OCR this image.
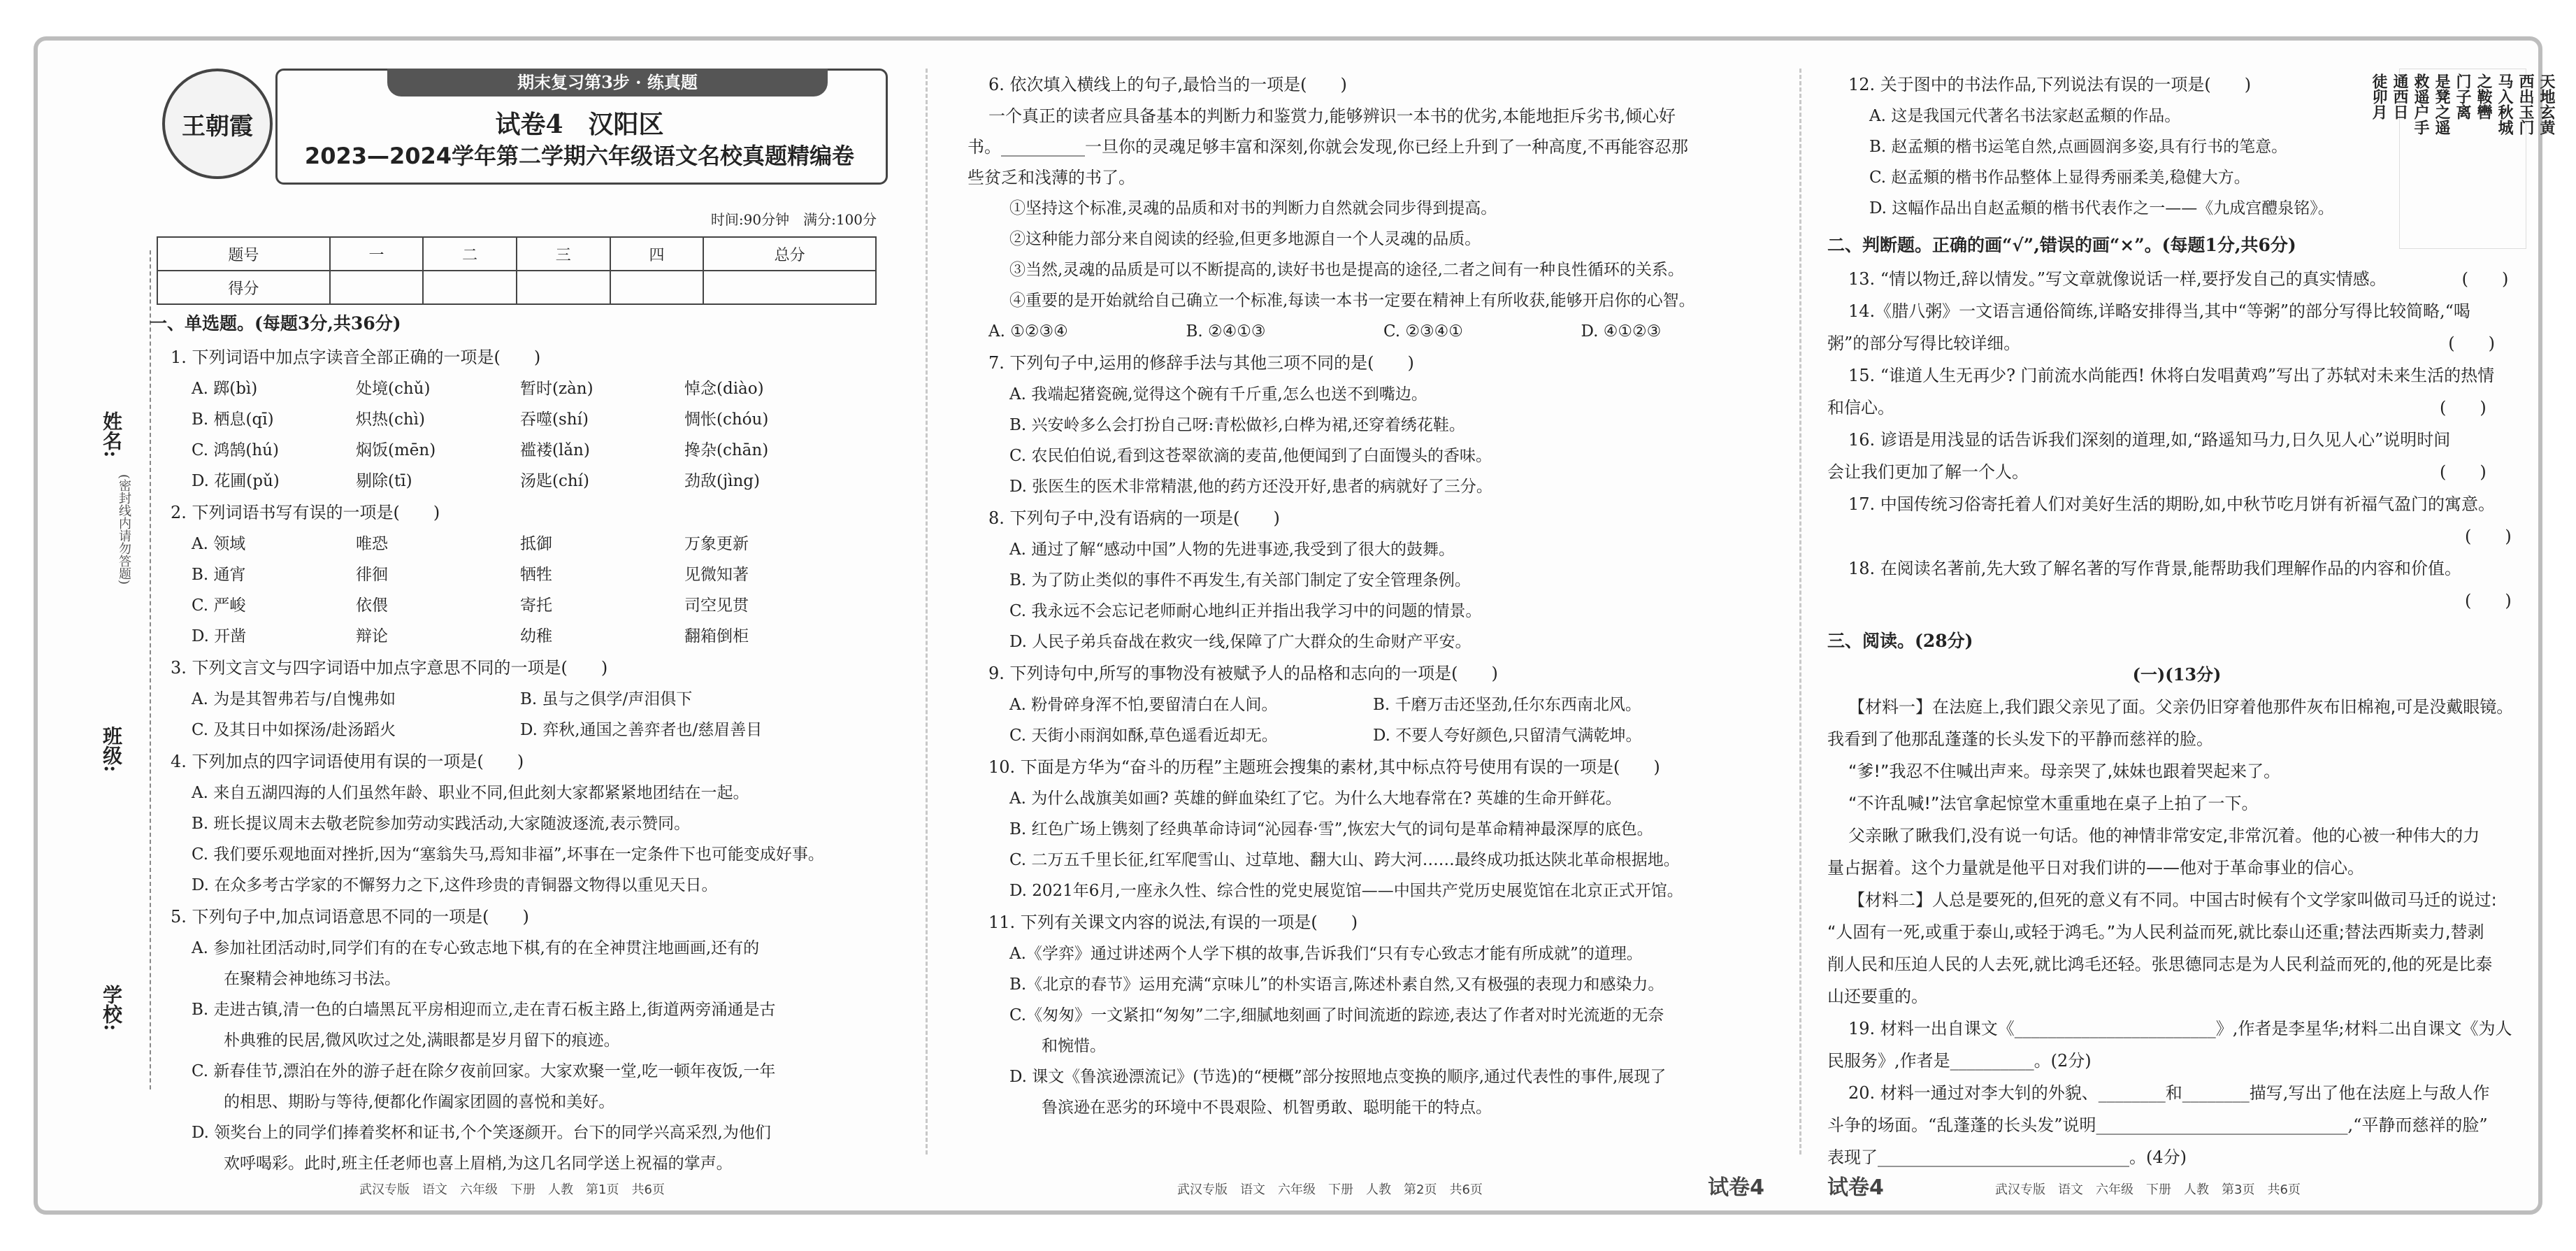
学校:
班级:
姓名:
(密封线内请勿答题)
王朝霞
期末复习第3步 · 练真题
试卷4　汉阳区
2023—2024学年第二学期六年级语文名校真题精编卷
时间:90分钟　满分:100分
题号	一	二	三	四	总分
得分					
一、单选题。(每题3分,共36分)
1. 下列词语中加点字读音全部正确的一项是(　　)
A. 踯(bì)	处境(chǔ)	暂时(zàn)	悼念(diào)
B. 栖息(qī)	炽热(chì)	吞噬(shí)	惆怅(chóu)
C. 鸿鹄(hú)	焖饭(mēn)	褴褛(lǎn)	搀杂(chān)
D. 花圃(pǔ)	剔除(tī)	汤匙(chí)	劲敌(jìng)
2. 下列词语书写有误的一项是(　　)
A. 领域	唯恐	抵御	万象更新
B. 通宵	徘徊	牺牲	见微知著
C. 严峻	依偎	寄托	司空见贯
D. 开凿	辩论	幼稚	翻箱倒柜
3. 下列文言文与四字词语中加点字意思不同的一项是(　　)
A. 为是其智弗若与/自愧弗如	B. 虽与之俱学/声泪俱下
C. 及其日中如探汤/赴汤蹈火	D. 弈秋,通国之善弈者也/慈眉善目
4. 下列加点的四字词语使用有误的一项是(　　)
A. 来自五湖四海的人们虽然年龄、职业不同,但此刻大家都紧紧地团结在一起。
B. 班长提议周末去敬老院参加劳动实践活动,大家随波逐流,表示赞同。
C. 我们要乐观地面对挫折,因为“塞翁失马,焉知非福”,坏事在一定条件下也可能变成好事。
D. 在众多考古学家的不懈努力之下,这件珍贵的青铜器文物得以重见天日。
5. 下列句子中,加点词语意思不同的一项是(　　)
A. 参加社团活动时,同学们有的在专心致志地下棋,有的在全神贯注地画画,还有的
　　在聚精会神地练习书法。
B. 走进古镇,清一色的白墙黑瓦平房相迎而立,走在青石板主路上,街道两旁涌通是古
　　朴典雅的民居,微风吹过之处,满眼都是岁月留下的痕迹。
C. 新春佳节,漂泊在外的游子赶在除夕夜前回家。大家欢聚一堂,吃一顿年夜饭,一年
　　的相思、期盼与等待,便都化作阖家团圆的喜悦和美好。
D. 领奖台上的同学们捧着奖杯和证书,个个笑逐颜开。台下的同学兴高采烈,为他们
　　欢呼喝彩。此时,班主任老师也喜上眉梢,为这几名同学送上祝福的掌声。
武汉专版　语文　六年级　下册　人教　第1页　共6页
6. 依次填入横线上的句子,最恰当的一项是(　　)
一个真正的读者应具备基本的判断力和鉴赏力,能够辨识一本书的优劣,本能地拒斥劣书,倾心好
书。__________一旦你的灵魂足够丰富和深刻,你就会发现,你已经上升到了一种高度,不再能容忍那
些贫乏和浅薄的书了。
①坚持这个标准,灵魂的品质和对书的判断力自然就会同步得到提高。
②这种能力部分来自阅读的经验,但更多地源自一个人灵魂的品质。
③当然,灵魂的品质是可以不断提高的,读好书也是提高的途径,二者之间有一种良性循环的关系。
④重要的是开始就给自己确立一个标准,每读一本书一定要在精神上有所收获,能够开启你的心智。
A. ①②③④	B. ②④①③	C. ②③④①	D. ④①②③
7. 下列句子中,运用的修辞手法与其他三项不同的是(　　)
A. 我端起猪瓷碗,觉得这个碗有千斤重,怎么也送不到嘴边。
B. 兴安岭多么会打扮自己呀:青松做衫,白桦为裙,还穿着绣花鞋。
C. 农民伯伯说,看到这苍翠欲滴的麦苗,他便闻到了白面馒头的香味。
D. 张医生的医术非常精湛,他的药方还没开好,患者的病就好了三分。
8. 下列句子中,没有语病的一项是(　　)
A. 通过了解“感动中国”人物的先进事迹,我受到了很大的鼓舞。
B. 为了防止类似的事件不再发生,有关部门制定了安全管理条例。
C. 我永远不会忘记老师耐心地纠正并指出我学习中的问题的情景。
D. 人民子弟兵奋战在救灾一线,保障了广大群众的生命财产平安。
9. 下列诗句中,所写的事物没有被赋予人的品格和志向的一项是(　　)
A. 粉骨碎身浑不怕,要留清白在人间。	B. 千磨万击还坚劲,任尔东西南北风。
C. 天街小雨润如酥,草色遥看近却无。	D. 不要人夸好颜色,只留清气满乾坤。
10. 下面是方华为“奋斗的历程”主题班会搜集的素材,其中标点符号使用有误的一项是(　　)
A. 为什么战旗美如画? 英雄的鲜血染红了它。为什么大地春常在? 英雄的生命开鲜花。
B. 红色广场上镌刻了经典革命诗词“沁园春·雪”,恢宏大气的词句是革命精神最深厚的底色。
C. 二万五千里长征,红军爬雪山、过草地、翻大山、跨大河……最终成功抵达陕北革命根据地。
D. 2021年6月,一座永久性、综合性的党史展览馆——中国共产党历史展览馆在北京正式开馆。
11. 下列有关课文内容的说法,有误的一项是(　　)
A.《学弈》通过讲述两个人学下棋的故事,告诉我们“只有专心致志才能有所成就”的道理。
B.《北京的春节》运用充满“京味儿”的朴实语言,陈述朴素自然,又有极强的表现力和感染力。
C.《匆匆》一文紧扣“匆匆”二字,细腻地刻画了时间流逝的踪迹,表达了作者对时光流逝的无奈
　　和惋惜。
D. 课文《鲁滨逊漂流记》(节选)的“梗概”部分按照地点变换的顺序,通过代表性的事件,展现了
　　鲁滨逊在恶劣的环境中不畏艰险、机智勇敢、聪明能干的特点。
武汉专版　语文　六年级　下册　人教　第2页　共6页	试卷4
天地玄黄
西出玉门
马入秋城
之鞍轡
门子离
是凳之遥
救遥户手
通西日
徒卯月
12. 关于图中的书法作品,下列说法有误的一项是(　　)
A. 这是我国元代著名书法家赵孟頫的作品。
B. 赵孟頫的楷书运笔自然,点画圆润多姿,具有行书的笔意。
C. 赵孟頫的楷书作品整体上显得秀丽柔美,稳健大方。
D. 这幅作品出自赵孟頫的楷书代表作之一——《九成宫醴泉铭》。
二、判断题。正确的画“√”,错误的画“×”。(每题1分,共6分)
13. “情以物迁,辞以情发。”写文章就像说话一样,要抒发自己的真实情感。　　　　　(　　)
14.《腊八粥》一文语言通俗简练,详略安排得当,其中“等粥”的部分写得比较简略,“喝
粥”的部分写得比较详细。　　　　　　　　　　　　　　　　　　　　　　　　　　(　　)
15. “谁道人生无再少? 门前流水尚能西! 休将白发唱黄鸡”写出了苏轼对未来生活的热情
和信心。　　　　　　　　　　　　　　　　　　　　　　　　　　　　　　　　　(　　)
16. 谚语是用浅显的话告诉我们深刻的道理,如,“路遥知马力,日久见人心”说明时间
会让我们更加了解一个人。　　　　　　　　　　　　　　　　　　　　　　　　　(　　)
17. 中国传统习俗寄托着人们对美好生活的期盼,如,中秋节吃月饼有祈福气盈门的寓意。
　　　　　　　　　　　　　　　　　　　　　　　　　　　　　　　　　　　　　　(　　)
18. 在阅读名著前,先大致了解名著的写作背景,能帮助我们理解作品的内容和价值。
　　　　　　　　　　　　　　　　　　　　　　　　　　　　　　　　　　　　　　(　　)
三、阅读。(28分)
(一)(13分)
【材料一】在法庭上,我们跟父亲见了面。父亲仍旧穿着他那件灰布旧棉袍,可是没戴眼镜。
我看到了他那乱蓬蓬的长头发下的平静而慈祥的脸。
“爹!”我忍不住喊出声来。母亲哭了,妹妹也跟着哭起来了。
“不许乱喊!”法官拿起惊堂木重重地在桌子上拍了一下。
父亲瞅了瞅我们,没有说一句话。他的神情非常安定,非常沉着。他的心被一种伟大的力
量占据着。这个力量就是他平日对我们讲的——他对于革命事业的信心。
【材料二】人总是要死的,但死的意义有不同。中国古时候有个文学家叫做司马迁的说过:
“人固有一死,或重于泰山,或轻于鸿毛。”为人民利益而死,就比泰山还重;替法西斯卖力,替剥
削人民和压迫人民的人去死,就比鸿毛还轻。张思德同志是为人民利益而死的,他的死是比泰
山还要重的。
19. 材料一出自课文《________________________》,作者是李星华;材料二出自课文《为人
民服务》,作者是__________。(2分)
20. 材料一通过对李大钊的外貌、________和________描写,写出了他在法庭上与敌人作
斗争的场面。“乱蓬蓬的长头发”说明______________________________,“平静而慈祥的脸”
表现了______________________________。(4分)
试卷4	武汉专版　语文　六年级　下册　人教　第3页　共6页
